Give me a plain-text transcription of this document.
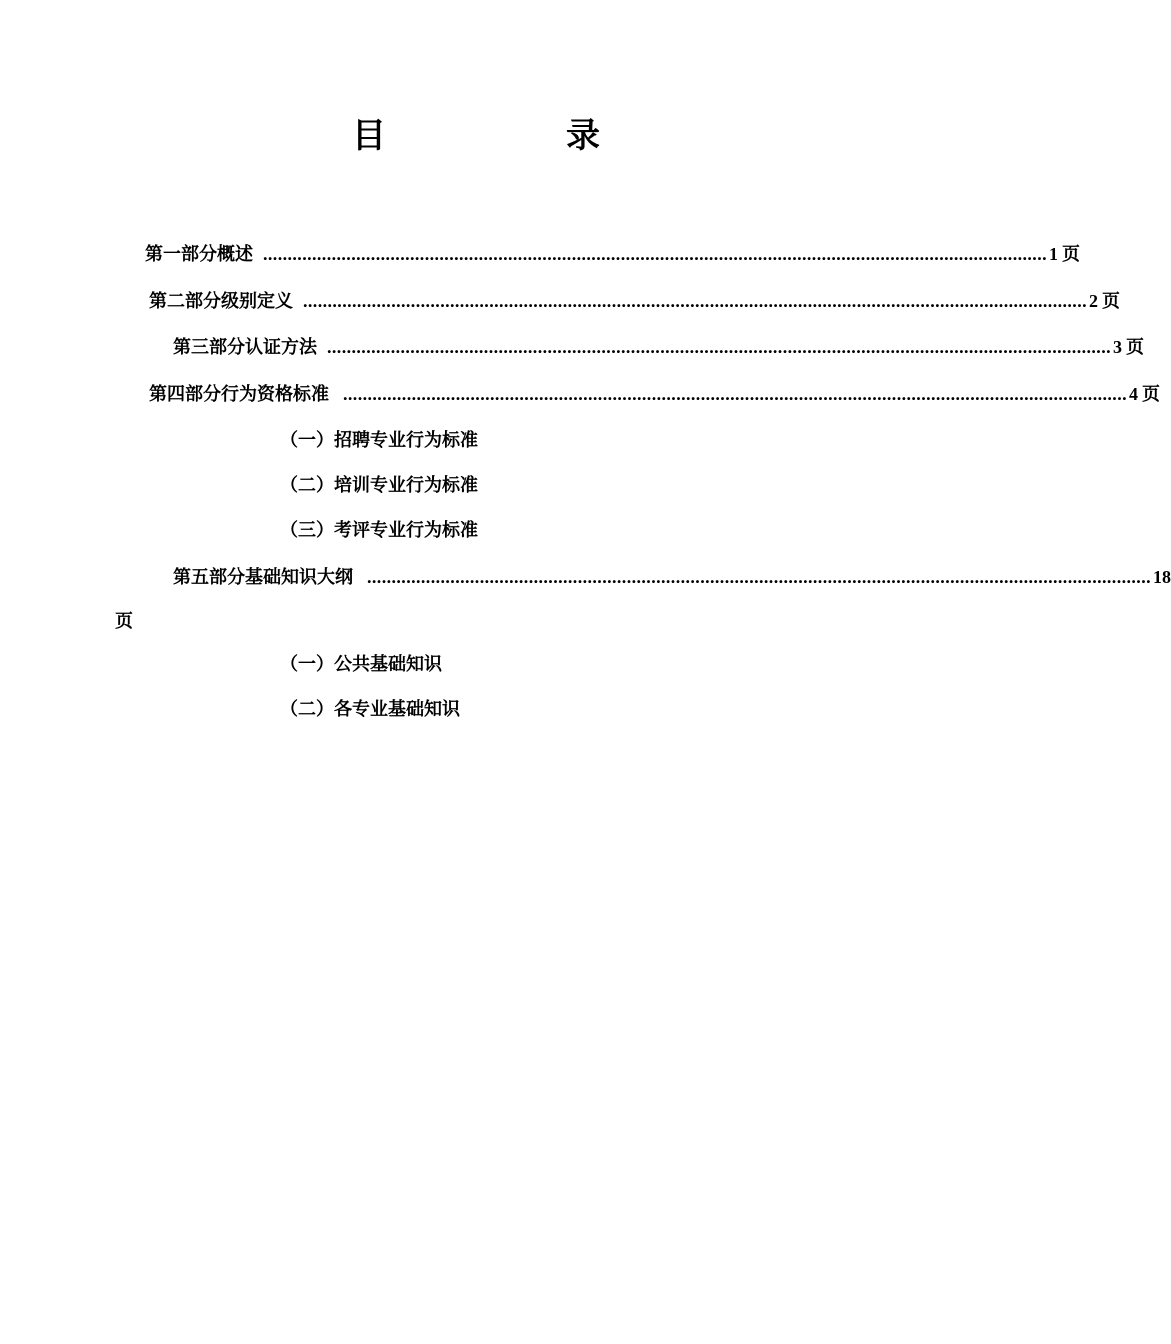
目	录
第一部分 概述 ................................................................................................................................................................ 1 页
第二部分 级别定义 ................................................................................................................................................................ 2 页
第三部分 认证方法 ................................................................................................................................................................ 3 页
第四部分 行为资格标准 ................................................................................................................................................................ 4 页
（一）招聘专业行为标准
（二）培训专业行为标准
（三）考评专业行为标准
第五部分 基础知识大纲 ................................................................................................................................................................ 18
页
（一）公共基础知识
（二）各专业基础知识
